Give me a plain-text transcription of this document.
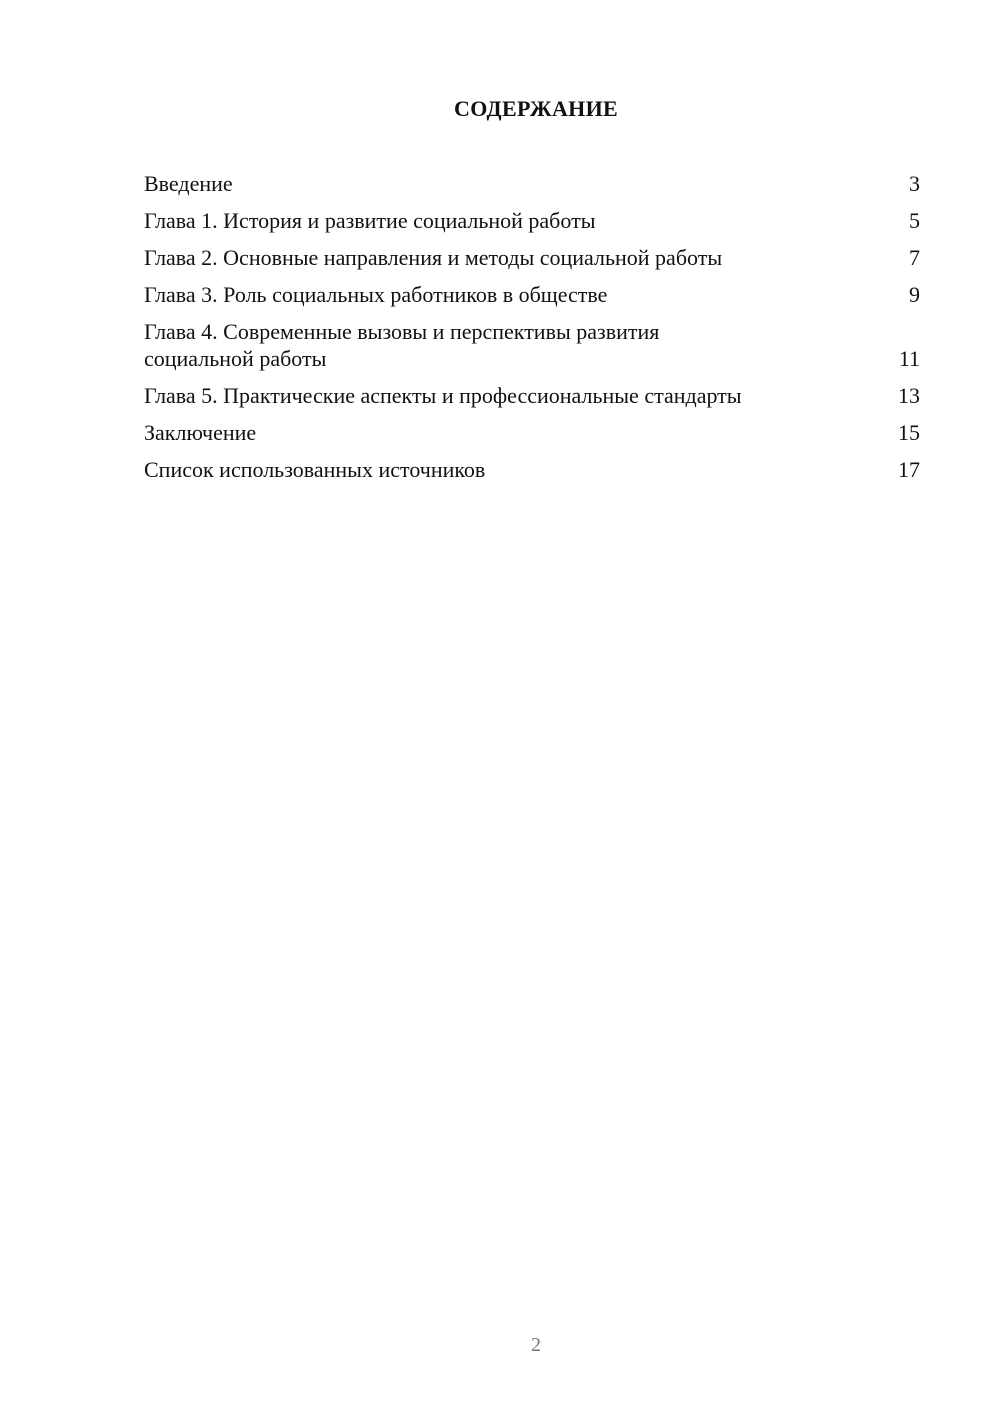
СОДЕРЖАНИЕ
Введение	3
Глава 1. История и развитие социальной работы	5
Глава 2. Основные направления и методы социальной работы	7
Глава 3. Роль социальных работников в обществе	9
Глава 4. Современные вызовы и перспективы развития
социальной работы	11
Глава 5. Практические аспекты и профессиональные стандарты	13
Заключение	15
Список использованных источников	17
2
